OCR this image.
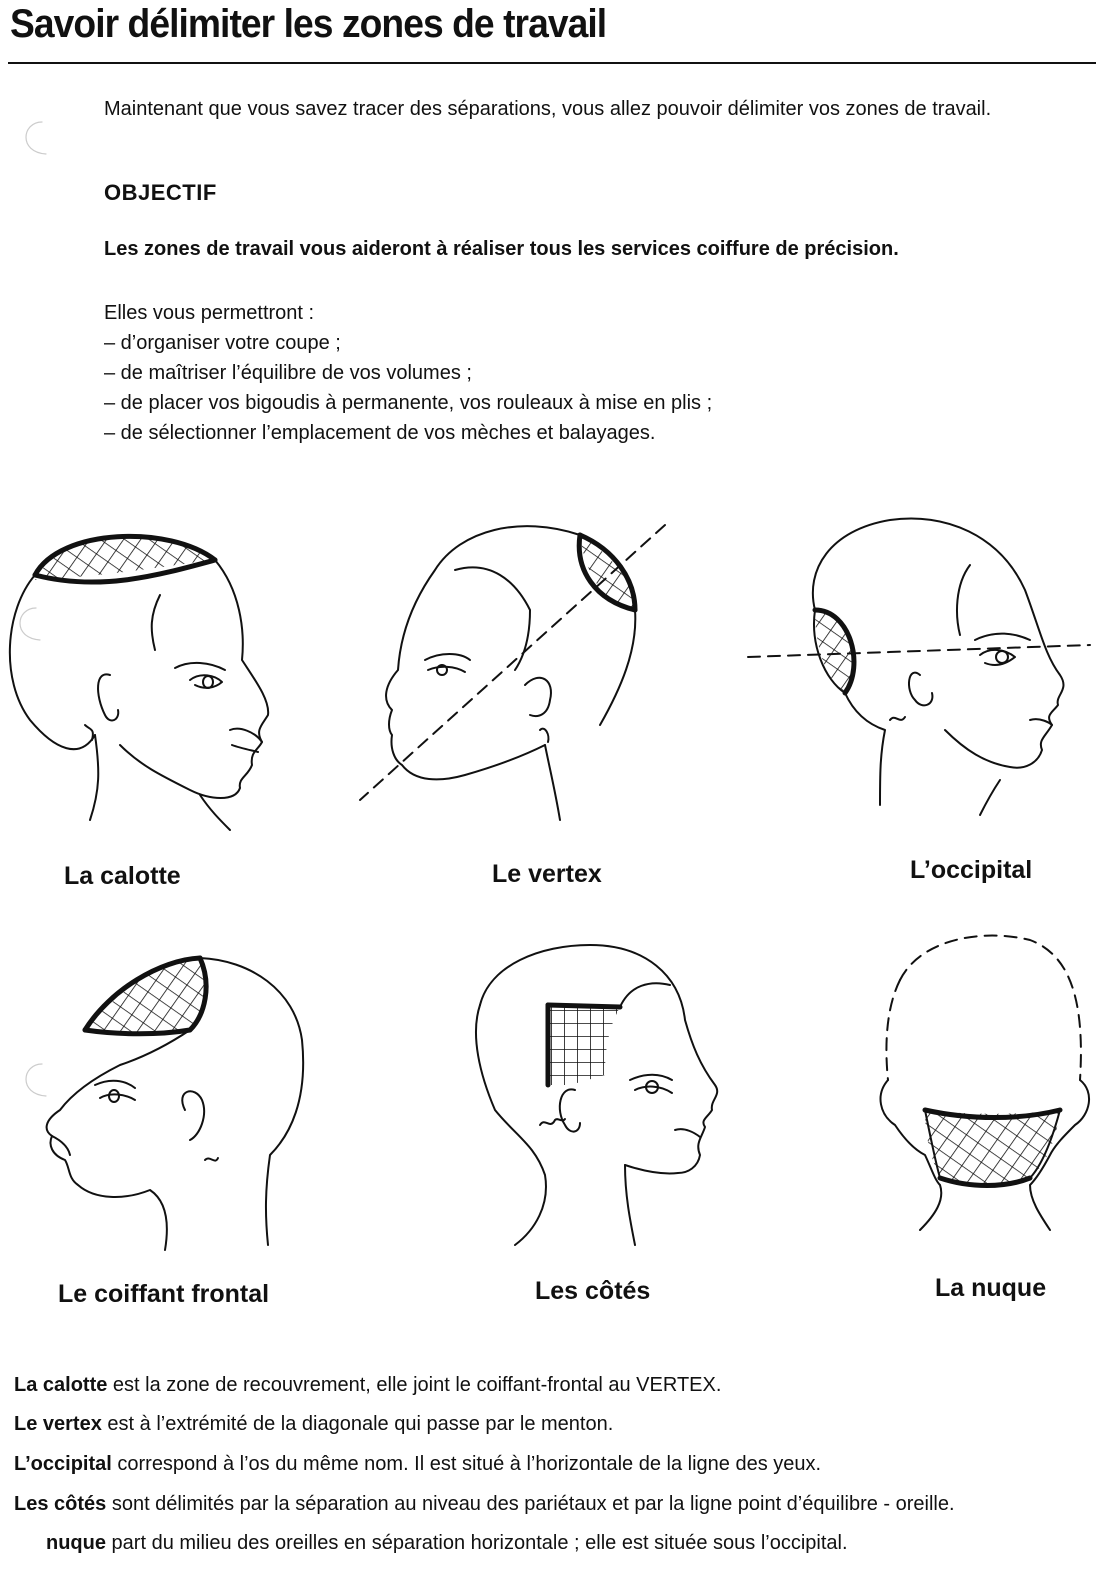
Savoir délimiter les zones de travail
Maintenant que vous savez tracer des séparations, vous allez pouvoir délimiter vos zones de travail.
OBJECTIF
Les zones de travail vous aideront à réaliser tous les services coiffure de précision.
Elles vous permettront :
– d’organiser votre coupe ;
– de maîtriser l’équilibre de vos volumes ;
– de placer vos bigoudis à permanente, vos rouleaux à mise en plis ;
– de sélectionner l’emplacement de vos mèches et balayages.
La calotte	Le vertex	L’occipital
Le coiffant frontal	Les côtés	La nuque
La calotte est la zone de recouvrement, elle joint le coiffant-frontal au VERTEX.
Le vertex est à l’extrémité de la diagonale qui passe par le menton.
L’occipital correspond à l’os du même nom. Il est situé à l’horizontale de la ligne des yeux.
Les côtés sont délimités par la séparation au niveau des pariétaux et par la ligne point d’équilibre - oreille.
nuque part du milieu des oreilles en séparation horizontale ; elle est située sous l’occipital.
